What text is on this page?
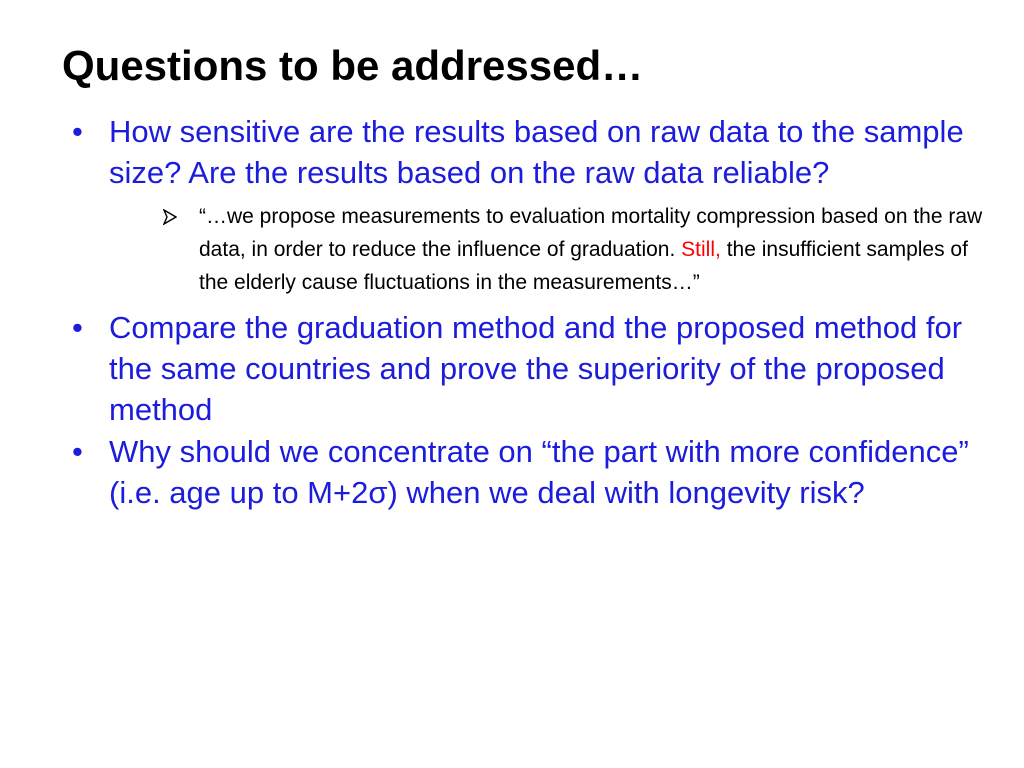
Questions to be addressed…
• How sensitive are the results based on raw data to the sample size? Are the results based on the raw data reliable?
“…we propose measurements to evaluation mortality compression based on the raw data, in order to reduce the influence of graduation. Still, the insufficient samples of the elderly cause fluctuations in the measurements…”
• Compare the graduation method and the proposed method for the same countries and prove the superiority of the proposed method
• Why should we concentrate on “the part with more confidence” (i.e. age up to M+2σ) when we deal with longevity risk?
